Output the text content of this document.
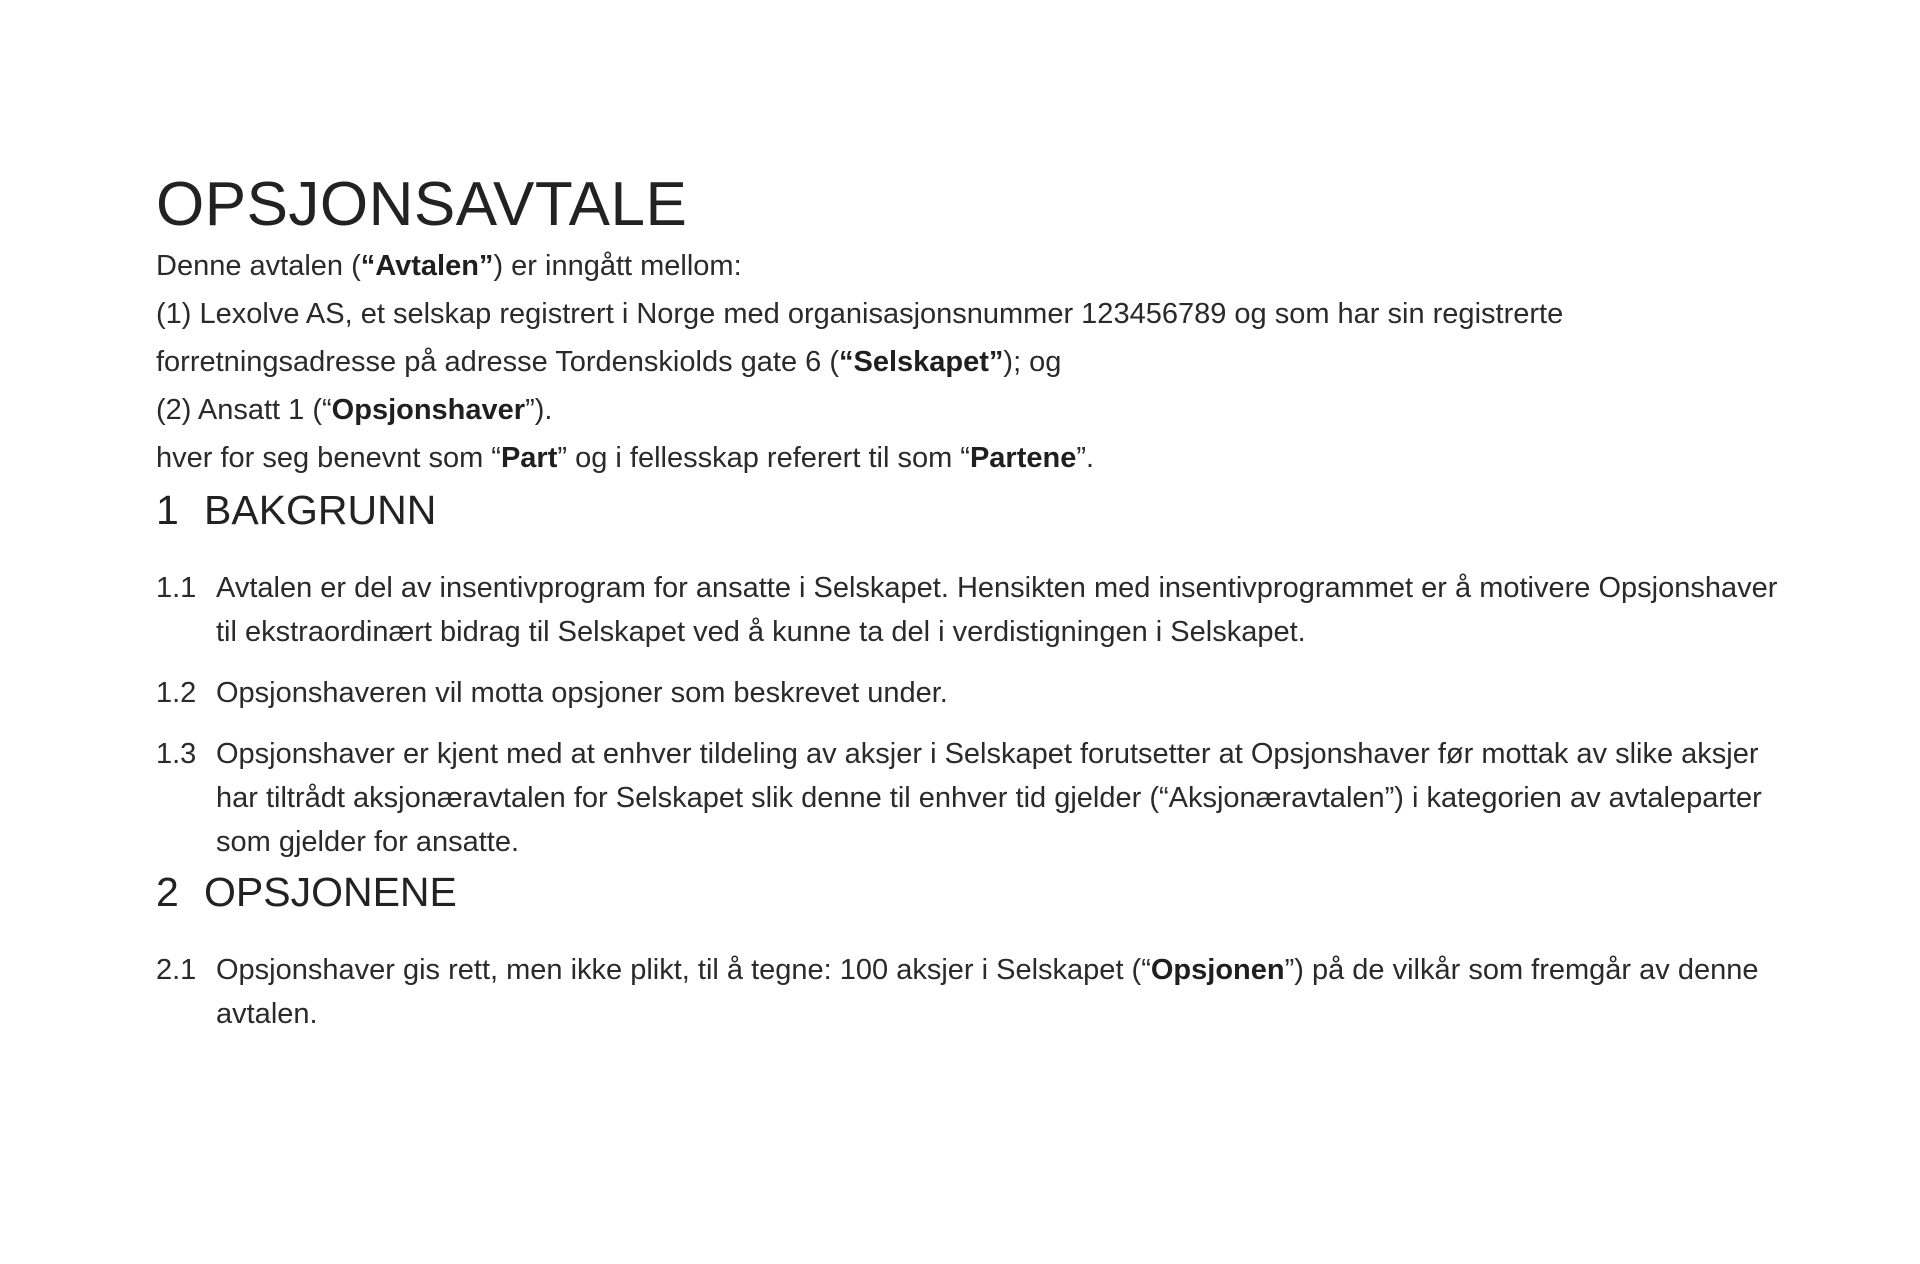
OPSJONSAVTALE

Denne avtalen (“Avtalen”) er inngått mellom:

(1) Lexolve AS, et selskap registrert i Norge med organisasjonsnummer 123456789 og som har sin registrerte forretningsadresse på adresse Tordenskiolds gate 6 (“Selskapet”); og

(2) Ansatt 1 (“Opsjonshaver”).

hver for seg benevnt som “Part” og i fellesskap referert til som “Partene”.

1 BAKGRUNN
1.1 Avtalen er del av insentivprogram for ansatte i Selskapet. Hensikten med insentivprogrammet er å motivere Opsjonshaver til ekstraordinært bidrag til Selskapet ved å kunne ta del i verdistigningen i Selskapet.
1.2 Opsjonshaveren vil motta opsjoner som beskrevet under.
1.3 Opsjonshaver er kjent med at enhver tildeling av aksjer i Selskapet forutsetter at Opsjonshaver før mottak av slike aksjer har tiltrådt aksjonæravtalen for Selskapet slik denne til enhver tid gjelder (“Aksjonæravtalen”) i kategorien av avtaleparter som gjelder for ansatte.
2 OPSJONENE
2.1 Opsjonshaver gis rett, men ikke plikt, til å tegne: 100 aksjer i Selskapet (“Opsjonen”) på de vilkår som fremgår av denne avtalen.
